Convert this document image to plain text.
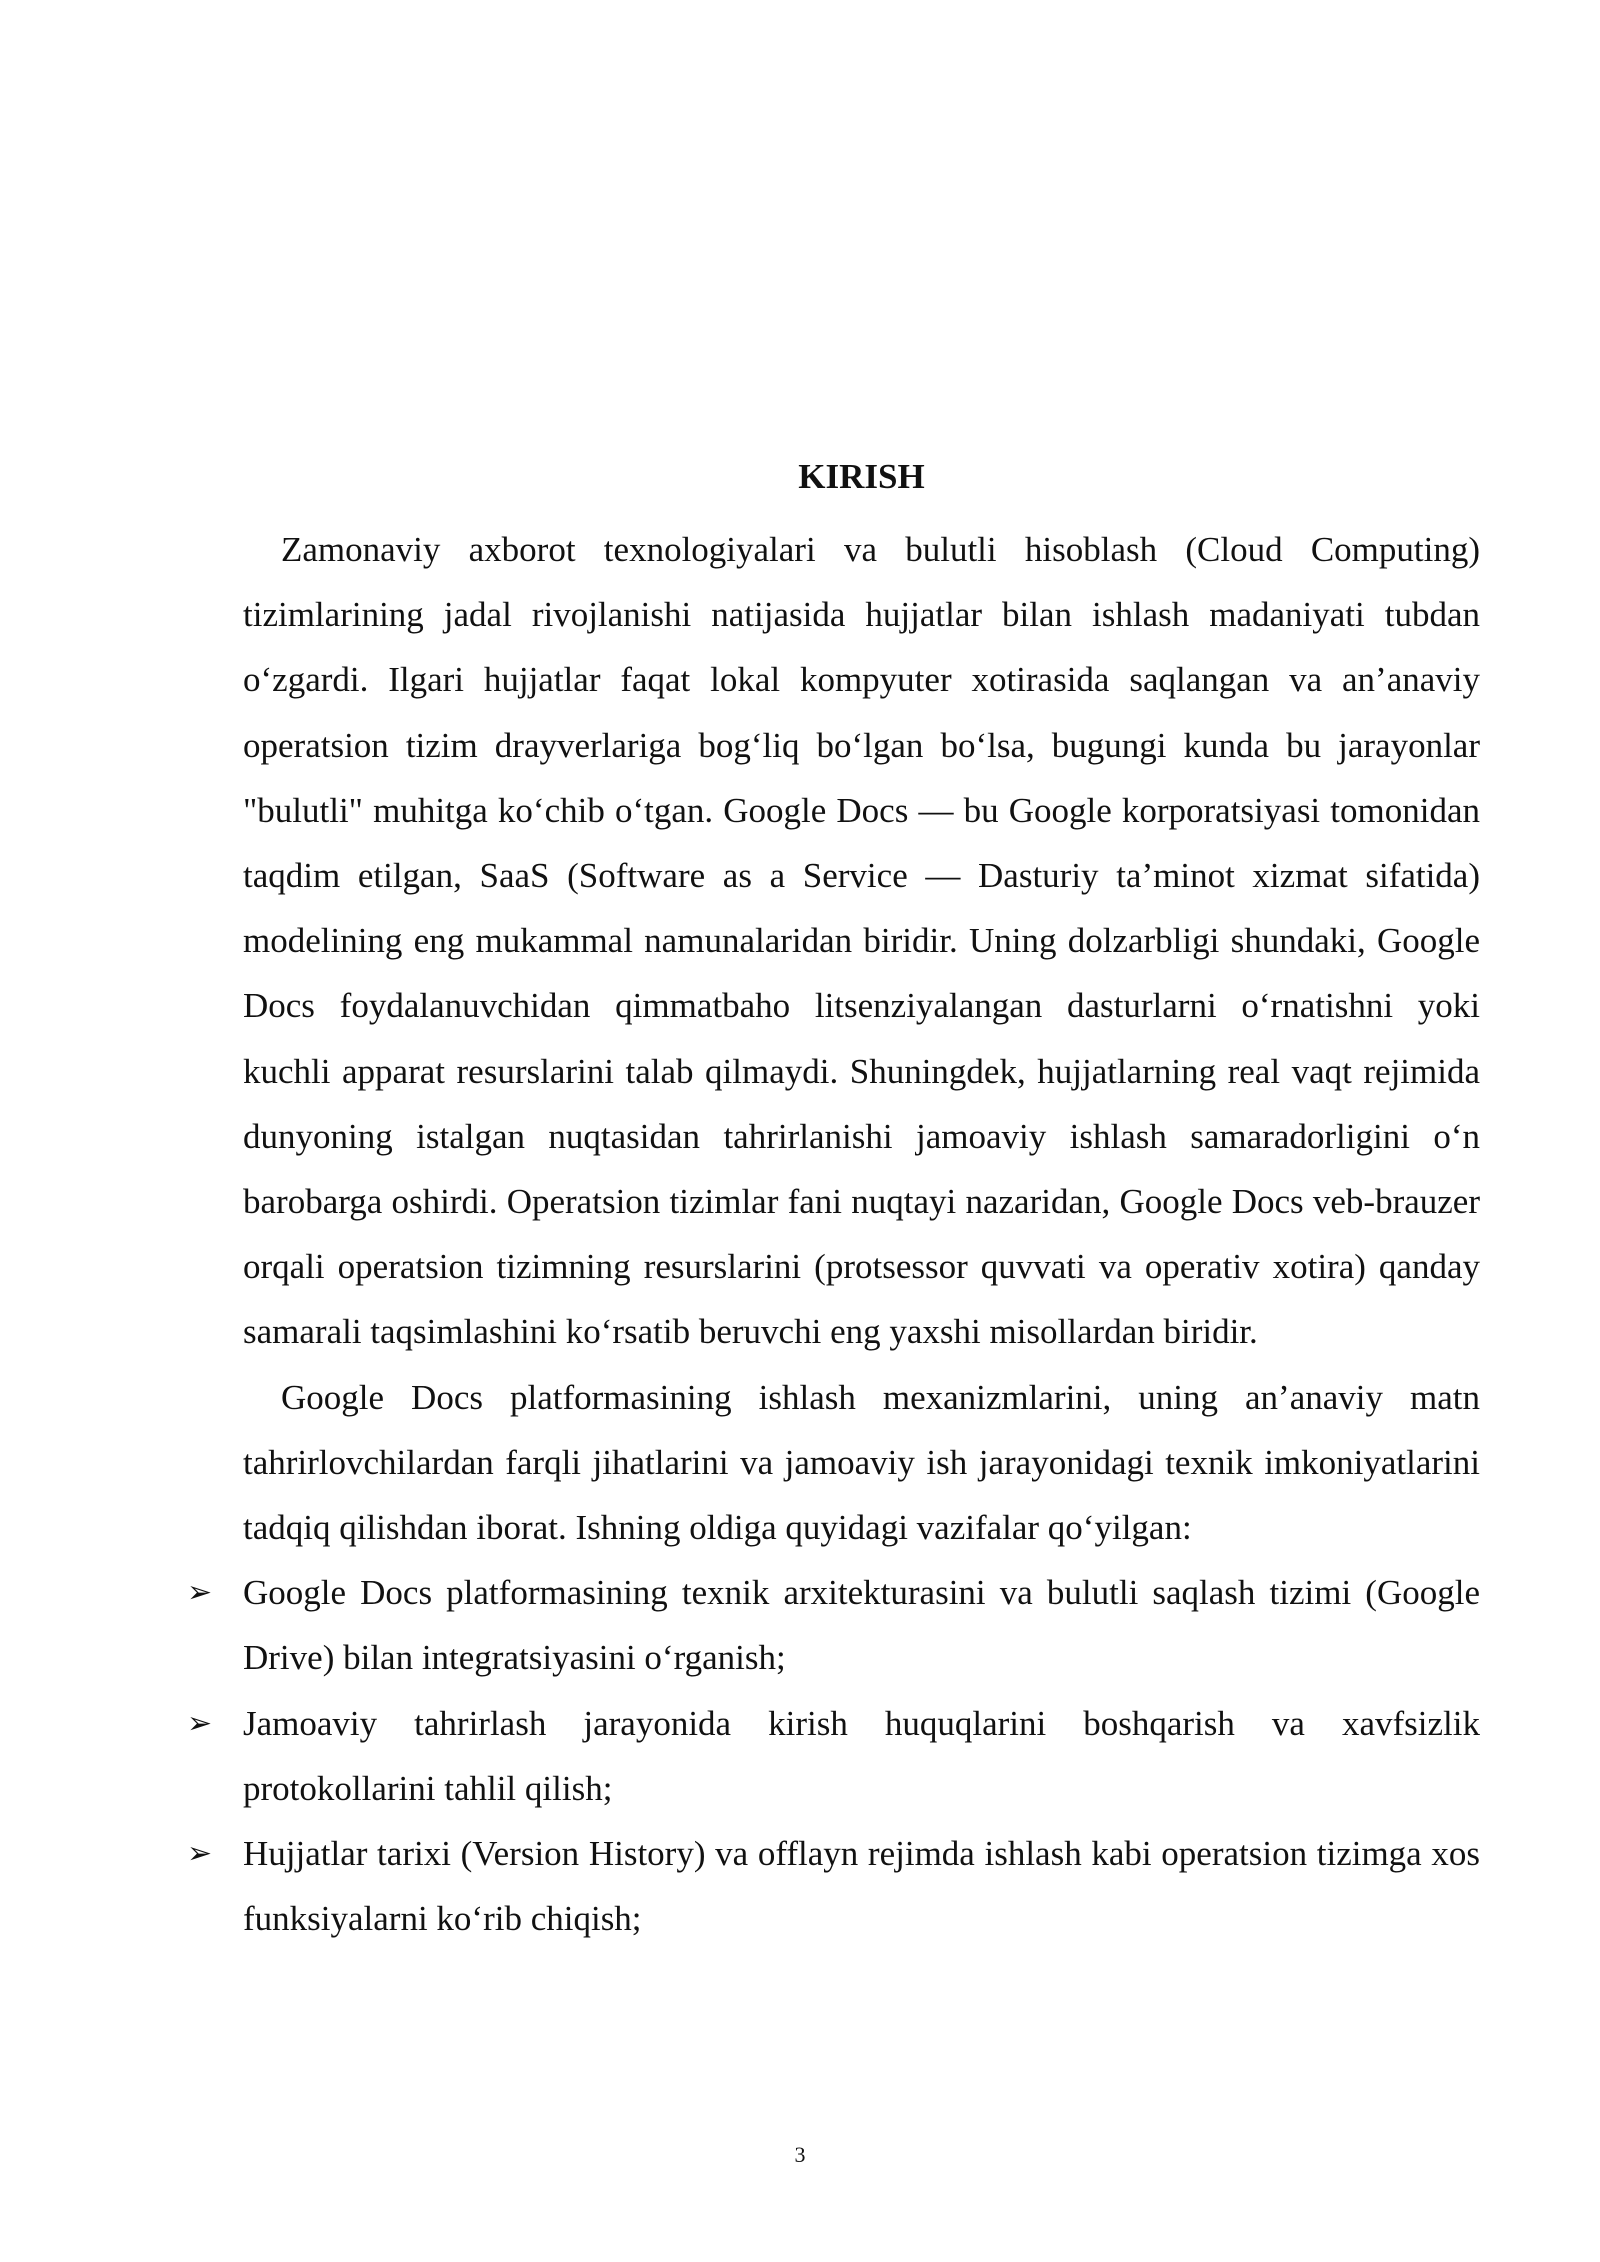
KIRISH

Zamonaviy axborot texnologiyalari va bulutli hisoblash (Cloud Computing) tizimlarining jadal rivojlanishi natijasida hujjatlar bilan ishlash madaniyati tubdan o‘zgardi. Ilgari hujjatlar faqat lokal kompyuter xotirasida saqlangan va an’anaviy operatsion tizim drayverlariga bog‘liq bo‘lgan bo‘lsa, bugungi kunda bu jarayonlar "bulutli" muhitga ko‘chib o‘tgan. Google Docs — bu Google korporatsiyasi tomonidan taqdim etilgan, SaaS (Software as a Service — Dasturiy ta’minot xizmat sifatida) modelining eng mukammal namunalaridan biridir. Uning dolzarbligi shundaki, Google Docs foydalanuvchidan qimmatbaho litsenziyalangan dasturlarni o‘rnatishni yoki kuchli apparat resurslarini talab qilmaydi. Shuningdek, hujjatlarning real vaqt rejimida dunyoning istalgan nuqtasidan tahrirlanishi jamoaviy ishlash samaradorligini o‘n barobarga oshirdi. Operatsion tizimlar fani nuqtayi nazaridan, Google Docs veb-brauzer orqali operatsion tizimning resurslarini (protsessor quvvati va operativ xotira) qanday samarali taqsimlashini ko‘rsatib beruvchi eng yaxshi misollardan biridir.

Google Docs platformasining ishlash mexanizmlarini, uning an’anaviy matn tahrirlovchilardan farqli jihatlarini va jamoaviy ish jarayonidagi texnik imkoniyatlarini tadqiq qilishdan iborat. Ishning oldiga quyidagi vazifalar qo‘yilgan:

➢ Google Docs platformasining texnik arxitekturasini va bulutli saqlash tizimi (Google Drive) bilan integratsiyasini o‘rganish;
➢ Jamoaviy tahrirlash jarayonida kirish huquqlarini boshqarish va xavfsizlik protokollarini tahlil qilish;
➢ Hujjatlar tarixi (Version History) va offlayn rejimda ishlash kabi operatsion tizimga xos funksiyalarni ko‘rib chiqish;
3
